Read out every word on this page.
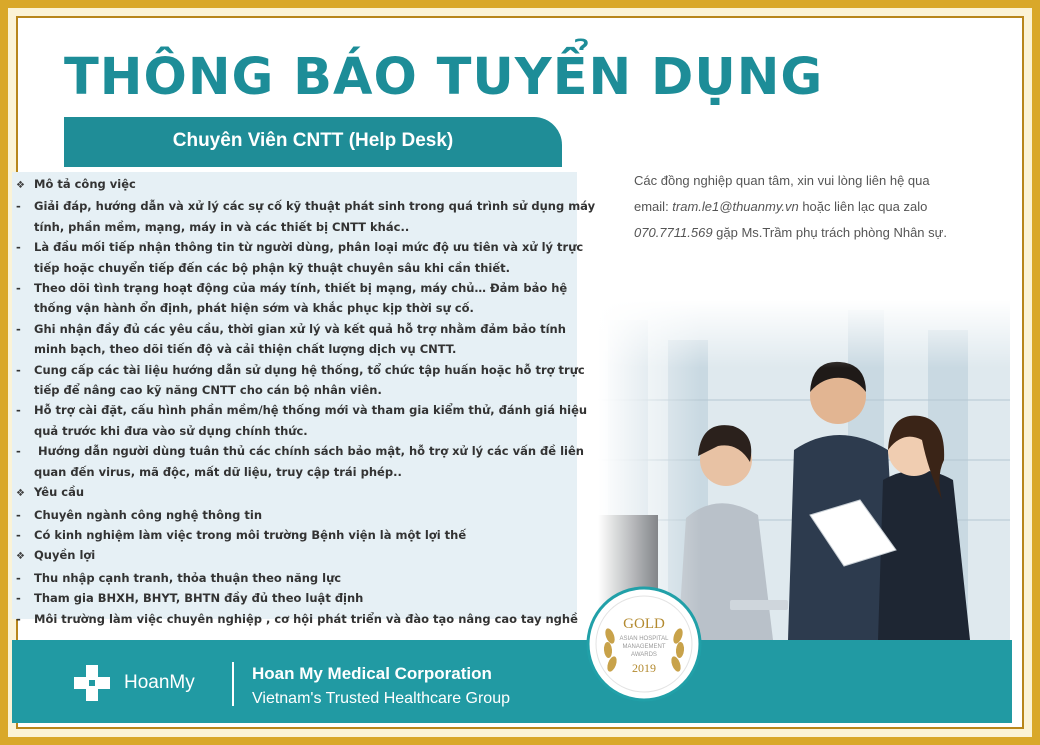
THÔNG BÁO TUYỂN DỤNG
Chuyên Viên CNTT (Help Desk)
❖Mô tả công việc
-Giải đáp, hướng dẫn và xử lý các sự cố kỹ thuật phát sinh trong quá trình sử dụng máy
tính, phần mềm, mạng, máy in và các thiết bị CNTT khác..
-Là đầu mối tiếp nhận thông tin từ người dùng, phân loại mức độ ưu tiên và xử lý trực
tiếp hoặc chuyển tiếp đến các bộ phận kỹ thuật chuyên sâu khi cần thiết.
-Theo dõi tình trạng hoạt động của máy tính, thiết bị mạng, máy chủ… Đảm bảo hệ
thống vận hành ổn định, phát hiện sớm và khắc phục kịp thời sự cố.
-Ghi nhận đầy đủ các yêu cầu, thời gian xử lý và kết quả hỗ trợ nhằm đảm bảo tính
minh bạch, theo dõi tiến độ và cải thiện chất lượng dịch vụ CNTT.
-Cung cấp các tài liệu hướng dẫn sử dụng hệ thống, tổ chức tập huấn hoặc hỗ trợ trực
tiếp để nâng cao kỹ năng CNTT cho cán bộ nhân viên.
-Hỗ trợ cài đặt, cấu hình phần mềm/hệ thống mới và tham gia kiểm thử, đánh giá hiệu
quả trước khi đưa vào sử dụng chính thức.
- Hướng dẫn người dùng tuân thủ các chính sách bảo mật, hỗ trợ xử lý các vấn đề liên
quan đến virus, mã độc, mất dữ liệu, truy cập trái phép..
❖Yêu cầu
-Chuyên ngành công nghệ thông tin
-Có kinh nghiệm làm việc trong môi trường Bệnh viện là một lợi thế
❖Quyền lợi
-Thu nhập cạnh tranh, thỏa thuận theo năng lực
-Tham gia BHXH, BHYT, BHTN đầy đủ theo luật định
-Môi trường làm việc chuyên nghiệp , cơ hội phát triển và đào tạo nâng cao tay nghề

Các đồng nghiệp quan tâm, xin vui lòng liên hệ qua
email: tram.le1@thuanmy.vn hoặc liên lạc qua zalo
070.7711.569 gặp Ms.Trầm phụ trách phòng Nhân sự.

HoanMy	Hoan My Medical Corporation
Vietnam's Trusted Healthcare Group
GOLD
ASIAN HOSPITAL
MANAGEMENT
AWARDS
2019
